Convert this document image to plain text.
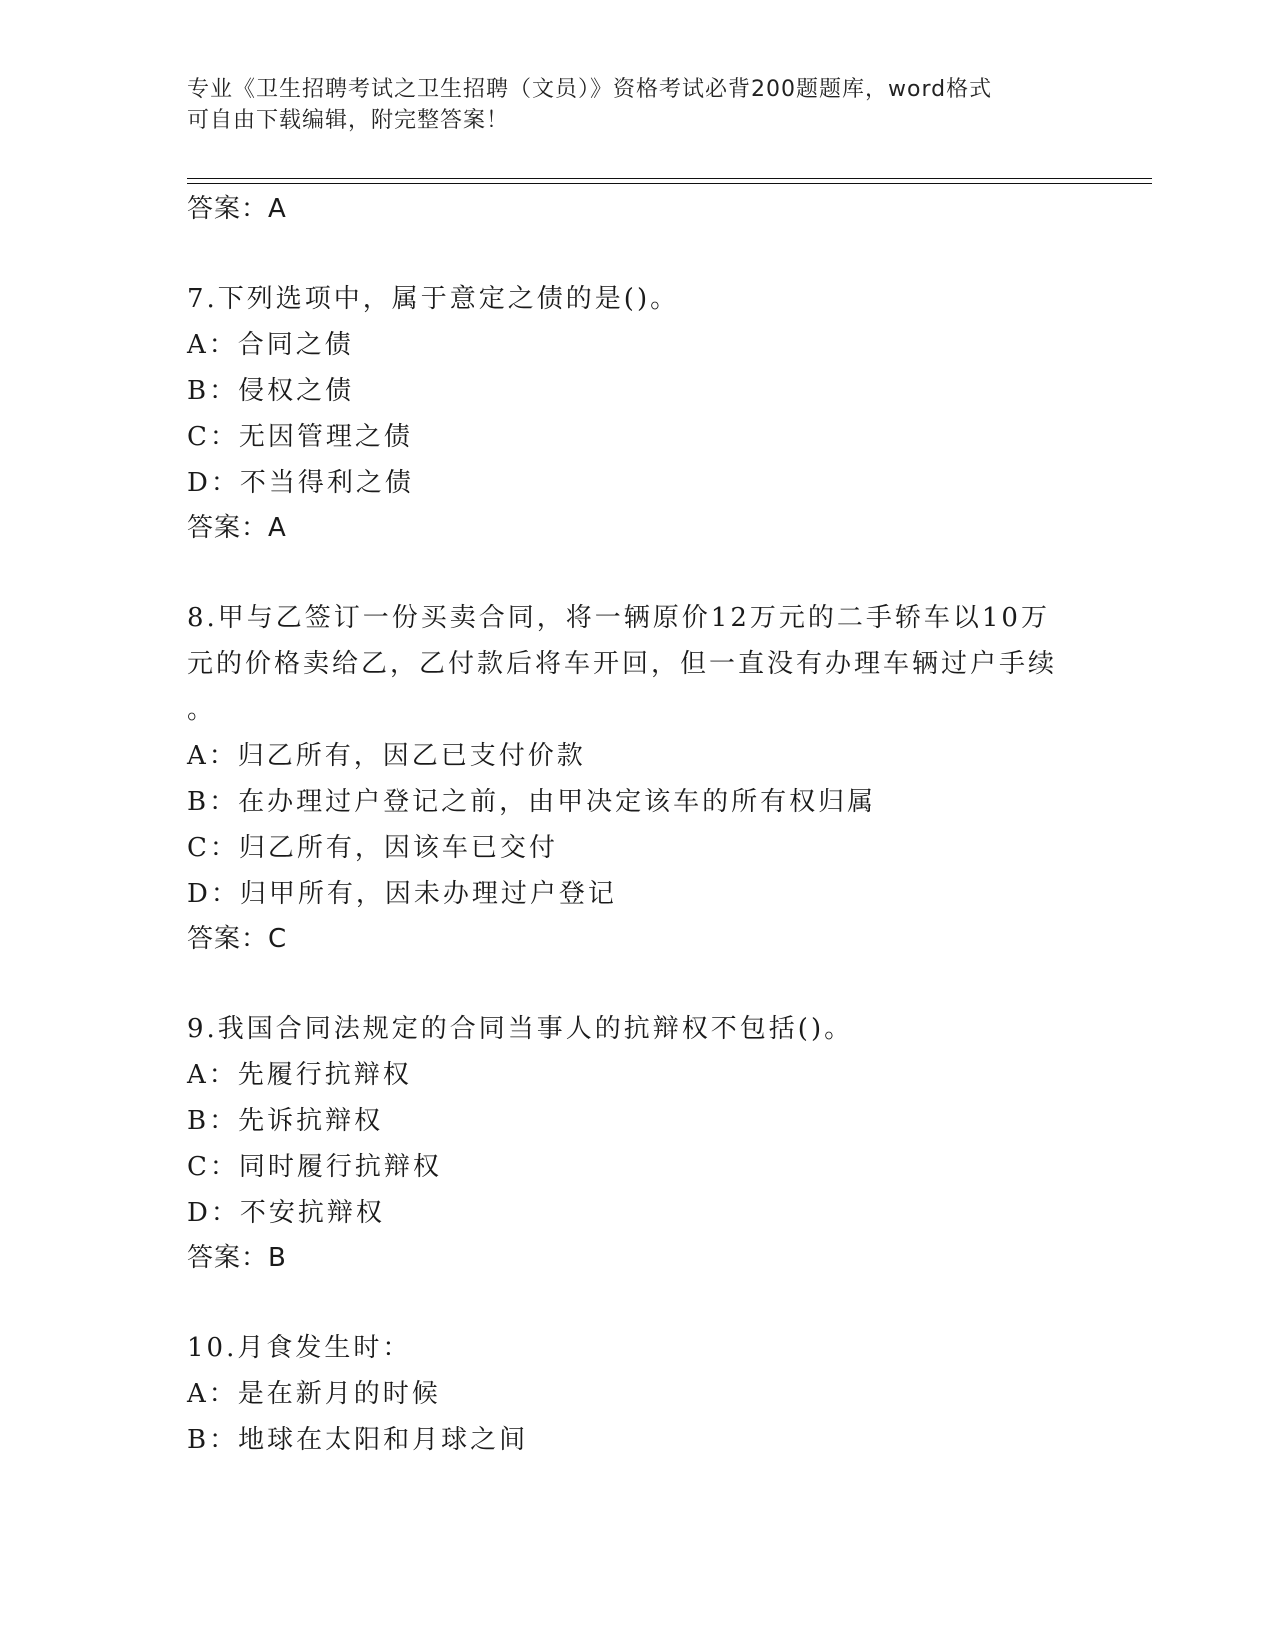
专业《卫生招聘考试之卫生招聘（文员）》资格考试必背200题题库，word格式
可自由下载编辑，附完整答案！

答案：A

7.下列选项中，属于意定之债的是()。

A：合同之债

B：侵权之债

C：无因管理之债

D：不当得利之债

答案：A

8.甲与乙签订一份买卖合同，将一辆原价12万元的二手轿车以10万

元的价格卖给乙，乙付款后将车开回，但一直没有办理车辆过户手续

。

A：归乙所有，因乙已支付价款

B：在办理过户登记之前，由甲决定该车的所有权归属

C：归乙所有，因该车已交付

D：归甲所有，因未办理过户登记

答案：C

9.我国合同法规定的合同当事人的抗辩权不包括()。

A：先履行抗辩权

B：先诉抗辩权

C：同时履行抗辩权

D：不安抗辩权

答案：B

10.月食发生时：

A：是在新月的时候

B：地球在太阳和月球之间
